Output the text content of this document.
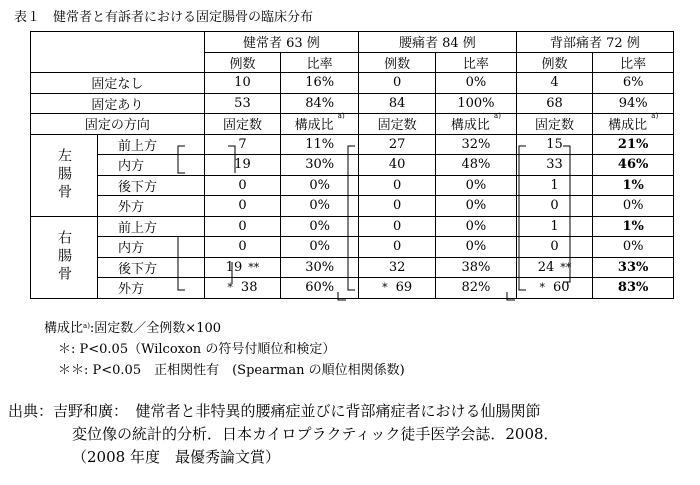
表１　健常者と有訴者における固定腸骨の臨床分布
		健常者 63 例		腰痛者 84 例		背部痛者 72 例	
		例数	比率	例数	比率	例数	比率
固定なし		10	16%	0	0%	4	6%
固定あり		53	84%	84	100%	68	94%
固定の方向		固定数	構成比 $^{a)}$	固定数	構成比 $^{a)}$	固定数	構成比 $^{a)}$
左腸骨	前上方	7	11%	27	32%	15	21%
	内方	19	30%	40	48%	33	46%
	後下方	0	0%	0	0%	1	1%
	外方	0	0%	0	0%	0	0%
右腸骨	前上方	0	0%	0	0%	1	1%
	内方	0	0%	0	0%	0	0%
	後下方	19 **	30%	32	38%	24 **	33%
	外方	* 38	60%	* 69	82%	* 60	83%
構成比$^{a)}$:固定数／全例数×100
＊: P<0.05（Wilcoxon の符号付順位和検定）
＊＊: P<0.05　正相関性有　(Spearman の順位相関係数)
出典：吉野和廣：　健常者と非特異的腰痛症並びに背部痛症者における仙腸関節
変位像の統計的分析．日本カイロプラクティック徒手医学会誌．2008．
（2008 年度　最優秀論文賞）
